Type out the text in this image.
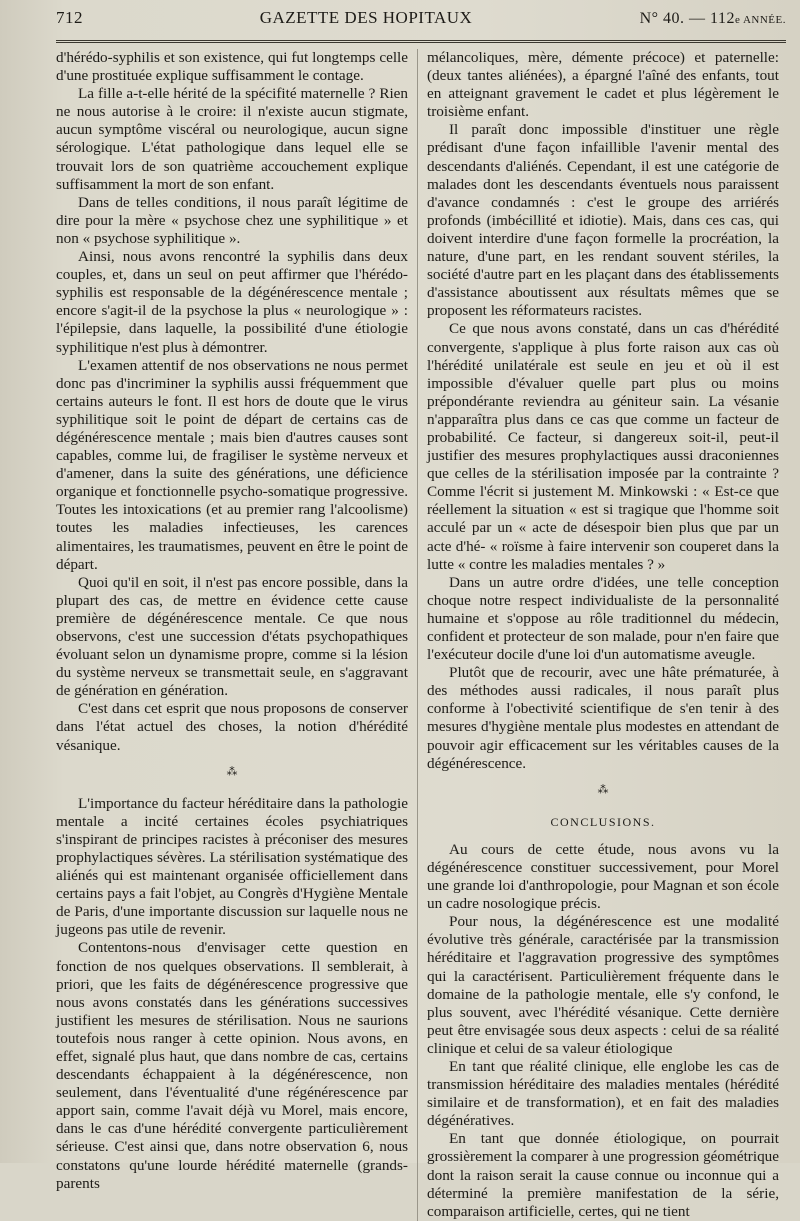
712	GAZETTE DES HOPITAUX	N° 40. — 112e ANNÉE.

d'hérédo-syphilis et son existence, qui fut longtemps celle d'une prostituée explique suffisamment le contage.

La fille a-t-elle hérité de la spécifité maternelle ? Rien ne nous autorise à le croire: il n'existe aucun stigmate, aucun symptôme viscéral ou neurologique, aucun signe sérologique. L'état pathologique dans lequel elle se trouvait lors de son quatrième accouchement explique suffisamment la mort de son enfant.

Dans de telles conditions, il nous paraît légitime de dire pour la mère « psychose chez une syphilitique » et non « psychose syphilitique ».

Ainsi, nous avons rencontré la syphilis dans deux couples, et, dans un seul on peut affirmer que l'hérédo-syphilis est responsable de la dégénérescence mentale ; encore s'agit-il de la psychose la plus « neurologique » : l'épilepsie, dans laquelle, la possibilité d'une étiologie syphilitique n'est plus à démontrer.

L'examen attentif de nos observations ne nous permet donc pas d'incriminer la syphilis aussi fréquemment que certains auteurs le font. Il est hors de doute que le virus syphilitique soit le point de départ de certains cas de dégénérescence mentale ; mais bien d'autres causes sont capables, comme lui, de fragiliser le système nerveux et d'amener, dans la suite des générations, une déficience organique et fonctionnelle psycho-somatique progressive. Toutes les intoxications (et au premier rang l'alcoolisme) toutes les maladies infectieuses, les carences alimentaires, les traumatismes, peuvent en être le point de départ.

Quoi qu'il en soit, il n'est pas encore possible, dans la plupart des cas, de mettre en évidence cette cause première de dégénérescence mentale. Ce que nous observons, c'est une succession d'états psychopathiques évoluant selon un dynamisme propre, comme si la lésion du système nerveux se transmettait seule, en s'aggravant de génération en génération.

C'est dans cet esprit que nous proposons de conserver dans l'état actuel des choses, la notion d'hérédité vésanique.

⁂

L'importance du facteur héréditaire dans la pathologie mentale a incité certaines écoles psychiatriques s'inspirant de principes racistes à préconiser des mesures prophylactiques sévères. La stérilisation systématique des aliénés qui est maintenant organisée officiellement dans certains pays a fait l'objet, au Congrès d'Hygiène Mentale de Paris, d'une importante discussion sur laquelle nous ne jugeons pas utile de revenir.

Contentons-nous d'envisager cette question en fonction de nos quelques observations. Il semblerait, à priori, que les faits de dégénérescence progressive que nous avons constatés dans les générations successives justifient les mesures de stérilisation. Nous ne saurions toutefois nous ranger à cette opinion. Nous avons, en effet, signalé plus haut, que dans nombre de cas, certains descendants échappaient à la dégénérescence, non seulement, dans l'éventualité d'une régénérescence par apport sain, comme l'avait déjà vu Morel, mais encore, dans le cas d'une hérédité convergente particulièrement sérieuse. C'est ainsi que, dans notre observation 6, nous constatons qu'une lourde hérédité maternelle (grands-parents

mélancoliques, mère, démente précoce) et paternelle: (deux tantes aliénées), a épargné l'aîné des enfants, tout en atteignant gravement le cadet et plus légèrement le troisième enfant.

Il paraît donc impossible d'instituer une règle prédisant d'une façon infaillible l'avenir mental des descendants d'aliénés. Cependant, il est une catégorie de malades dont les descendants éventuels nous paraissent d'avance condamnés : c'est le groupe des arriérés profonds (imbécillité et idiotie). Mais, dans ces cas, qui doivent interdire d'une façon formelle la procréation, la nature, d'une part, en les rendant souvent stériles, la société d'autre part en les plaçant dans des établissements d'assistance aboutissent aux résultats mêmes que se proposent les réformateurs racistes.

Ce que nous avons constaté, dans un cas d'hérédité convergente, s'applique à plus forte raison aux cas où l'hérédité unilatérale est seule en jeu et où il est impossible d'évaluer quelle part plus ou moins prépondérante reviendra au géniteur sain. La vésanie n'apparaîtra plus dans ce cas que comme un facteur de probabilité. Ce facteur, si dangereux soit-il, peut-il justifier des mesures prophylactiques aussi draconiennes que celles de la stérilisation imposée par la contrainte ? Comme l'écrit si justement M. Minkowski : « Est-ce que réellement la situation « est si tragique que l'homme soit acculé par un « acte de désespoir bien plus que par un acte d'hé- « roïsme à faire intervenir son couperet dans la lutte « contre les maladies mentales ? »

Dans un autre ordre d'idées, une telle conception choque notre respect individualiste de la personnalité humaine et s'oppose au rôle traditionnel du médecin, confident et protecteur de son malade, pour n'en faire que l'exécuteur docile d'une loi d'un automatisme aveugle.

Plutôt que de recourir, avec une hâte prématurée, à des méthodes aussi radicales, il nous paraît plus conforme à l'obectivité scientifique de s'en tenir à des mesures d'hygiène mentale plus modestes en attendant de pouvoir agir efficacement sur les véritables causes de la dégénérescence.

⁂
CONCLUSIONS.

Au cours de cette étude, nous avons vu la dégénérescence constituer successivement, pour Morel une grande loi d'anthropologie, pour Magnan et son école un cadre nosologique précis.

Pour nous, la dégénérescence est une modalité évolutive très générale, caractérisée par la transmission héréditaire et l'aggravation progressive des symptômes qui la caractérisent. Particulièrement fréquente dans le domaine de la pathologie mentale, elle s'y confond, le plus souvent, avec l'hérédité vésanique. Cette dernière peut être envisagée sous deux aspects : celui de sa réalité clinique et celui de sa valeur étiologique

En tant que réalité clinique, elle englobe les cas de transmission héréditaire des maladies mentales (hérédité similaire et de transformation), et en fait des maladies dégénératives.

En tant que donnée étiologique, on pourrait grossièrement la comparer à une progression géométrique dont la raison serait la cause connue ou inconnue qui a déterminé la première manifestation de la série, comparaison artificielle, certes, qui ne tient
